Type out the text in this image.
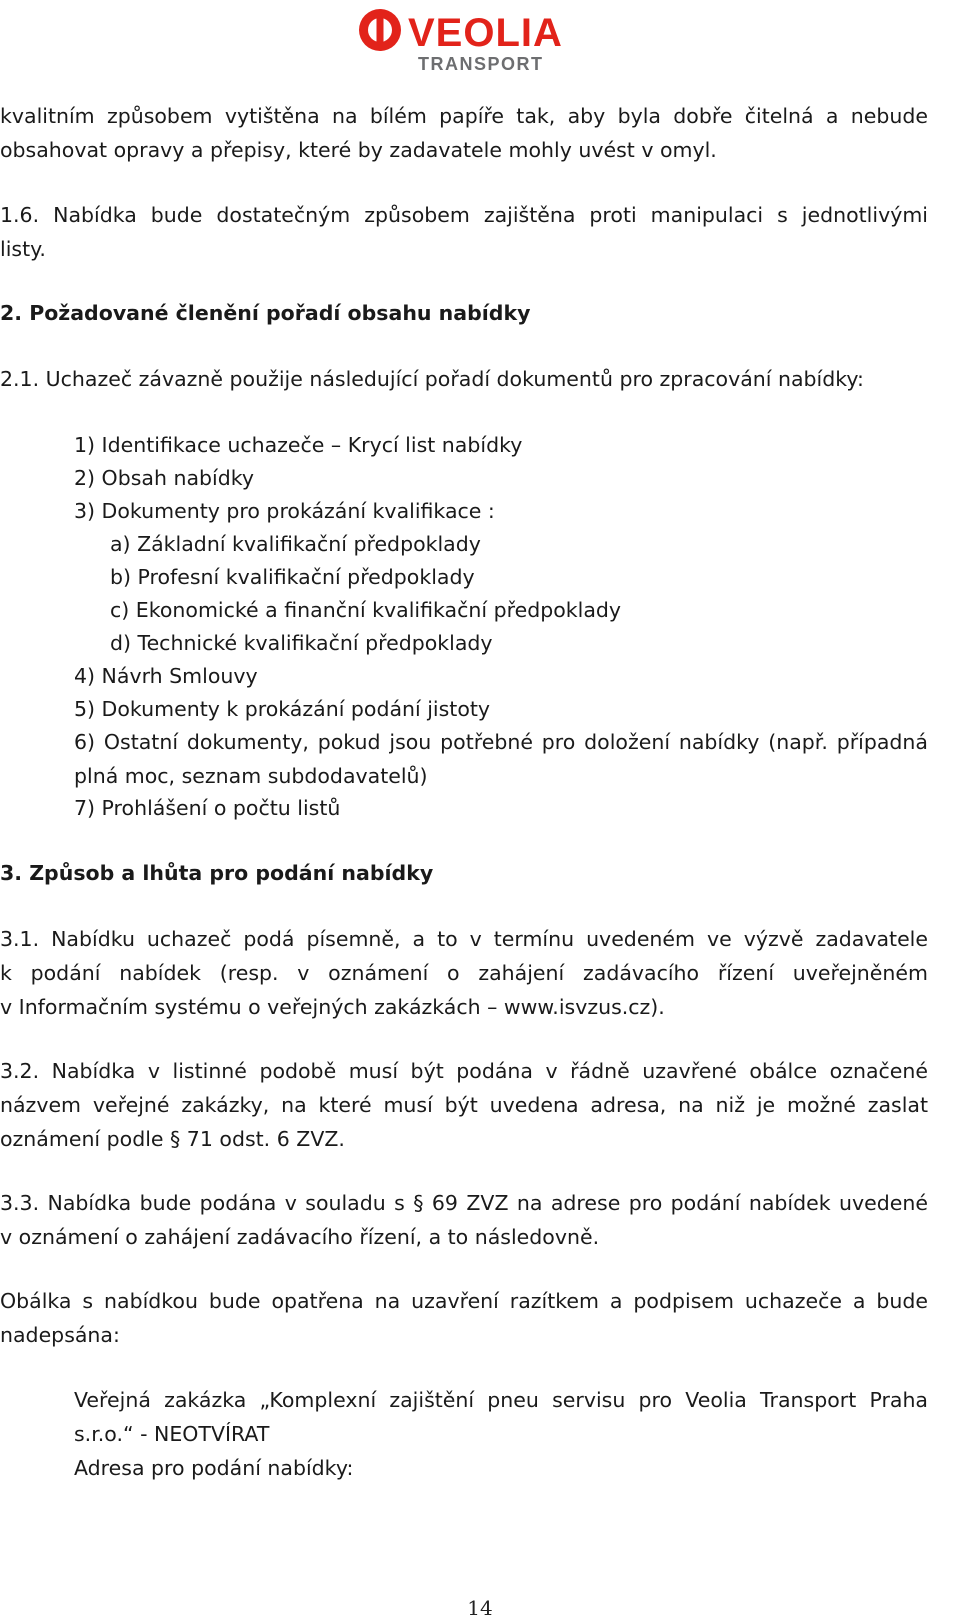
VEOLIA
TRANSPORT
kvalitním způsobem vytištěna na bílém papíře tak, aby byla dobře čitelná a nebude
obsahovat opravy a přepisy, které by zadavatele mohly uvést v omyl.
1.6. Nabídka bude dostatečným způsobem zajištěna proti manipulaci s jednotlivými
listy.
2. Požadované členění pořadí obsahu nabídky
2.1. Uchazeč závazně použije následující pořadí dokumentů pro zpracování nabídky:
1) Identifikace uchazeče – Krycí list nabídky
2) Obsah nabídky
3) Dokumenty pro prokázání kvalifikace :
a) Základní kvalifikační předpoklady
b) Profesní kvalifikační předpoklady
c) Ekonomické a finanční kvalifikační předpoklady
d) Technické kvalifikační předpoklady
4) Návrh Smlouvy
5) Dokumenty k prokázání podání jistoty
6) Ostatní dokumenty, pokud jsou potřebné pro doložení nabídky (např. případná
plná moc, seznam subdodavatelů)
7) Prohlášení o počtu listů
3. Způsob a lhůta pro podání nabídky
3.1. Nabídku uchazeč podá písemně, a to v termínu uvedeném ve výzvě zadavatele
k podání nabídek (resp. v oznámení o zahájení zadávacího řízení uveřejněném
v Informačním systému o veřejných zakázkách – www.isvzus.cz).
3.2. Nabídka v listinné podobě musí být podána v řádně uzavřené obálce označené
názvem veřejné zakázky, na které musí být uvedena adresa, na niž je možné zaslat
oznámení podle § 71 odst. 6 ZVZ.
3.3. Nabídka bude podána v souladu s § 69 ZVZ na adrese pro podání nabídek uvedené
v oznámení o zahájení zadávacího řízení, a to následovně.
Obálka s nabídkou bude opatřena na uzavření razítkem a podpisem uchazeče a bude
nadepsána:
Veřejná zakázka „Komplexní zajištění pneu servisu pro Veolia Transport Praha
s.r.o.“ - NEOTVÍRAT
Adresa pro podání nabídky:
14
